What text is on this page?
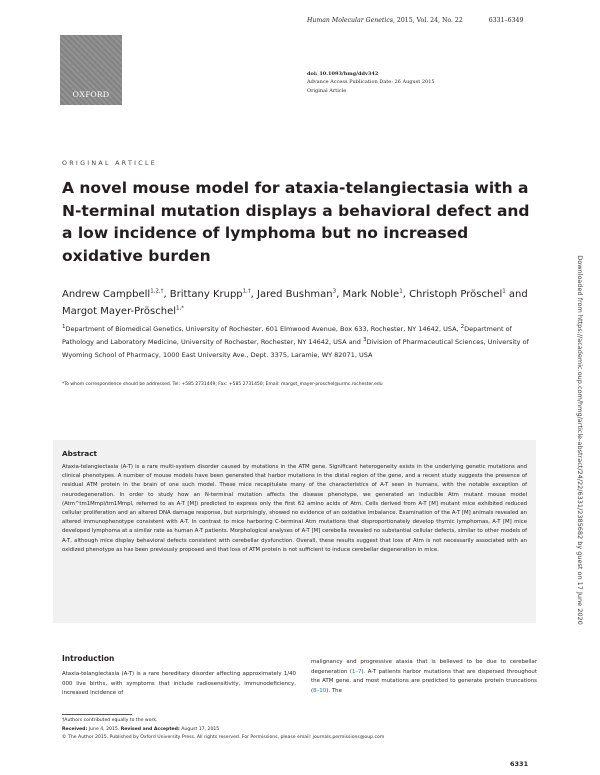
OXFORD
Human Molecular Genetics, 2015, Vol. 24, No. 22	6331–6349
doi: 10.1093/hmg/ddv342
Advance Access Publication Date: 26 August 2015
Original Article
ORIGINAL ARTICLE
A novel mouse model for ataxia-telangiectasia with a N-terminal mutation displays a behavioral defect and a low incidence of lymphoma but no increased oxidative burden
Andrew Campbell$^{1,2,\dagger}$, Brittany Krupp$^{1,\dagger}$, Jared Bushman$^3$, Mark Noble$^1$, Christoph Pröschel$^1$ and Margot Mayer-Pröschel$^{1,*}$
$^1$Department of Biomedical Genetics, University of Rochester, 601 Elmwood Avenue, Box 633, Rochester, NY 14642, USA, $^2$Department of Pathology and Laboratory Medicine, University of Rochester, Rochester, NY 14642, USA and $^3$Division of Pharmaceutical Sciences, University of Wyoming School of Pharmacy, 1000 East University Ave., Dept. 3375, Laramie, WY 82071, USA
*To whom correspondence should be addressed. Tel: +585 2731449; Fax: +585 2731450; Email: margot_mayer-proschel@urmc.rochester.edu
Abstract

Ataxia-telangiectasia (A-T) is a rare multi-system disorder caused by mutations in the ATM gene. Significant heterogeneity exists in the underlying genetic mutations and clinical phenotypes. A number of mouse models have been generated that harbor mutations in the distal region of the gene, and a recent study suggests the presence of residual ATM protein in the brain of one such model. These mice recapitulate many of the characteristics of A-T seen in humans, with the notable exception of neurodegeneration. In order to study how an N-terminal mutation affects the disease phenotype, we generated an inducible Atm mutant mouse model (Atm^tm1Mmpl/tm1Mmpl, referred to as A-T [M]) predicted to express only the first 62 amino acids of Atm. Cells derived from A-T [M] mutant mice exhibited reduced cellular proliferation and an altered DNA damage response, but surprisingly, showed no evidence of an oxidative imbalance. Examination of the A-T [M] animals revealed an altered immunophenotype consistent with A-T. In contrast to mice harboring C-terminal Atm mutations that disproportionately develop thymic lymphomas, A-T [M] mice developed lymphoma at a similar rate as human A-T patients. Morphological analyses of A-T [M] cerebella revealed no substantial cellular defects, similar to other models of A-T, although mice display behavioral defects consistent with cerebellar dysfunction. Overall, these results suggest that loss of Atm is not necessarily associated with an oxidized phenotype as has been previously proposed and that loss of ATM protein is not sufficient to induce cerebellar degeneration in mice.

Introduction

Ataxia-telangiectasia (A-T) is a rare hereditary disorder affecting approximately 1/40 000 live births, with symptoms that include radiosensitivity, immunodeficiency, increased incidence of

malignancy and progressive ataxia that is believed to be due to cerebellar degeneration (1–7). A-T patients harbor mutations that are dispersed throughout the ATM gene, and most mutations are predicted to generate protein truncations (8–10). The

†Authors contributed equally to the work.
Received: June 4, 2015. Revised and Accepted: August 17, 2015
© The Author 2015. Published by Oxford University Press. All rights reserved. For Permissions, please email: journals.permissions@oup.com
6331
Downloaded from https://academic.oup.com/hmg/article-abstract/24/22/6331/2385682 by guest on 17 June 2020
